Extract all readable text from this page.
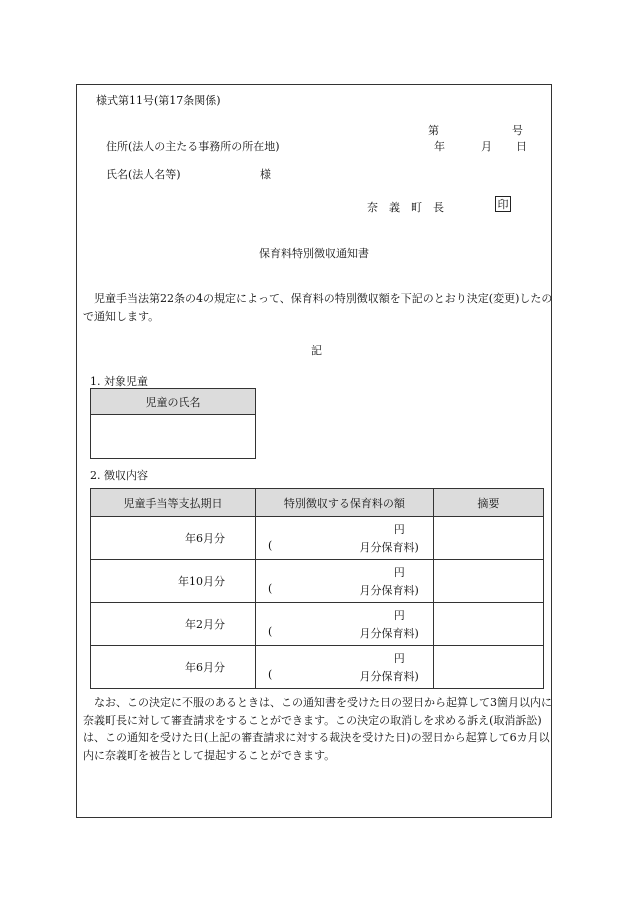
様式第11号(第17条関係)
第	号
住所(法人の主たる事務所の所在地)	年	月 日
氏名(法人名等)	様
奈　義　町　長	印
保育料特別徴収通知書
　児童手当法第22条の4の規定によって、保育料の特別徴収額を下記のとおり決定(変更)したので通知します。
記
1. 対象児童
児童の氏名

2. 徴収内容
児童手当等支払期日	特別徴収する保育料の額	摘要
年6月分	円
( 月分保育料)	

年10月分	円
( 月分保育料)	

年2月分	円
( 月分保育料)	

年6月分	円
( 月分保育料)	

　なお、この決定に不服のあるときは、この通知書を受けた日の翌日から起算して3箇月以内に奈義町長に対して審査請求をすることができます。この決定の取消しを求める訴え(取消訴訟)は、この通知を受けた日(上記の審査請求に対する裁決を受けた日)の翌日から起算して6カ月以内に奈義町を被告として提起することができます。
